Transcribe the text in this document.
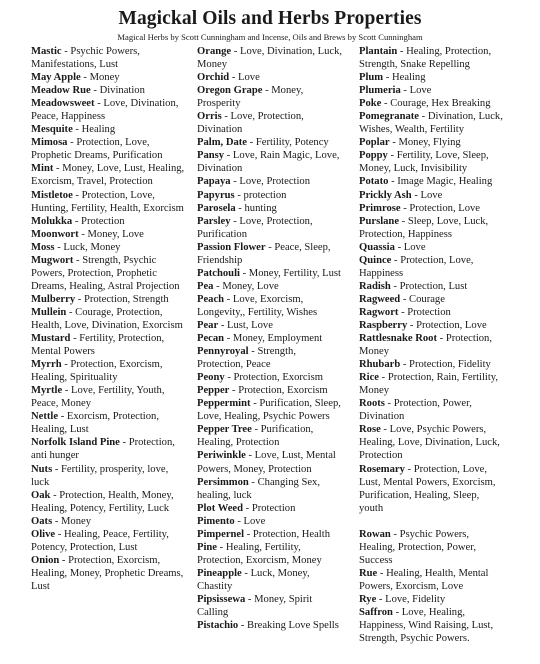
Magickal Oils and Herbs Properties
Magical Herbs by Scott Cunningham and Incense, Oils and Brews by Scott Cunningham
Mastic - Psychic Powers, Manifestations, Lust
May Apple - Money
Meadow Rue - Divination
Meadowsweet - Love, Divination, Peace, Happiness
Mesquite - Healing
Mimosa - Protection, Love, Prophetic Dreams, Purification
Mint - Money, Love, Lust, Healing, Exorcism, Travel, Protection
Mistletoe - Protection, Love, Hunting, Fertility, Health, Exorcism
Molukka - Protection
Moonwort - Money, Love
Moss - Luck, Money
Mugwort - Strength, Psychic Powers, Protection, Prophetic Dreams, Healing, Astral Projection
Mulberry - Protection, Strength
Mullein - Courage, Protection, Health, Love, Divination, Exorcism
Mustard - Fertility, Protection, Mental Powers
Myrrh - Protection, Exorcism, Healing, Spirituality
Myrtle - Love, Fertility, Youth, Peace, Money
Nettle - Exorcism, Protection, Healing, Lust
Norfolk Island Pine - Protection, anti hunger
Nuts - Fertility, prosperity, love, luck
Oak - Protection, Health, Money, Healing, Potency, Fertility, Luck
Oats - Money
Olive - Healing, Peace, Fertility, Potency, Protection, Lust
Onion - Protection, Exorcism, Healing, Money, Prophetic Dreams, Lust
Orange - Love, Divination, Luck, Money
Orchid - Love
Oregon Grape - Money, Prosperity
Orris - Love, Protection, Divination
Palm, Date - Fertility, Potency
Pansy - Love, Rain Magic, Love, Divination
Papaya - Love, Protection
Papyrus - protection
Parosela - hunting
Parsley - Love, Protection, Purification
Passion Flower - Peace, Sleep, Friendship
Patchouli - Money, Fertility, Lust
Pea - Money, Love
Peach - Love, Exorcism, Longevity,, Fertility, Wishes
Pear - Lust, Love
Pecan - Money, Employment
Pennyroyal - Strength, Protection, Peace
Peony - Protection, Exorcism
Pepper - Protection, Exorcism
Peppermint - Purification, Sleep, Love, Healing, Psychic Powers
Pepper Tree - Purification, Healing, Protection
Periwinkle - Love, Lust, Mental Powers, Money, Protection
Persimmon - Changing Sex, healing, luck
Plot Weed - Protection
Pimento - Love
Pimpernel - Protection, Health
Pine - Healing, Fertility, Protection, Exorcism, Money
Pineapple - Luck, Money, Chastity
Pipsissewa - Money, Spirit Calling
Pistachio - Breaking Love Spells
Plantain - Healing, Protection, Strength, Snake Repelling
Plum - Healing
Plumeria - Love
Poke - Courage, Hex Breaking
Pomegranate - Divination, Luck, Wishes, Wealth, Fertility
Poplar - Money, Flying
Poppy - Fertility, Love, Sleep, Money, Luck, Invisibility
Potato - Image Magic, Healing
Prickly Ash - Love
Primrose - Protection, Love
Purslane - Sleep, Love, Luck, Protection, Happiness
Quassia - Love
Quince - Protection, Love, Happiness
Radish - Protection, Lust
Ragweed - Courage
Ragwort - Protection
Raspberry - Protection, Love
Rattlesnake Root - Protection, Money
Rhubarb - Protection, Fidelity
Rice - Protection, Rain, Fertility, Money
Roots - Protection, Power, Divination
Rose - Love, Psychic Powers, Healing, Love, Divination, Luck, Protection
Rosemary - Protection, Love, Lust, Mental Powers, Exorcism, Purification, Healing, Sleep, youth
Rowan - Psychic Powers, Healing, Protection, Power, Success
Rue - Healing, Health, Mental Powers, Exorcism, Love
Rye - Love, Fidelity
Saffron - Love, Healing, Happiness, Wind Raising, Lust, Strength, Psychic Powers.
